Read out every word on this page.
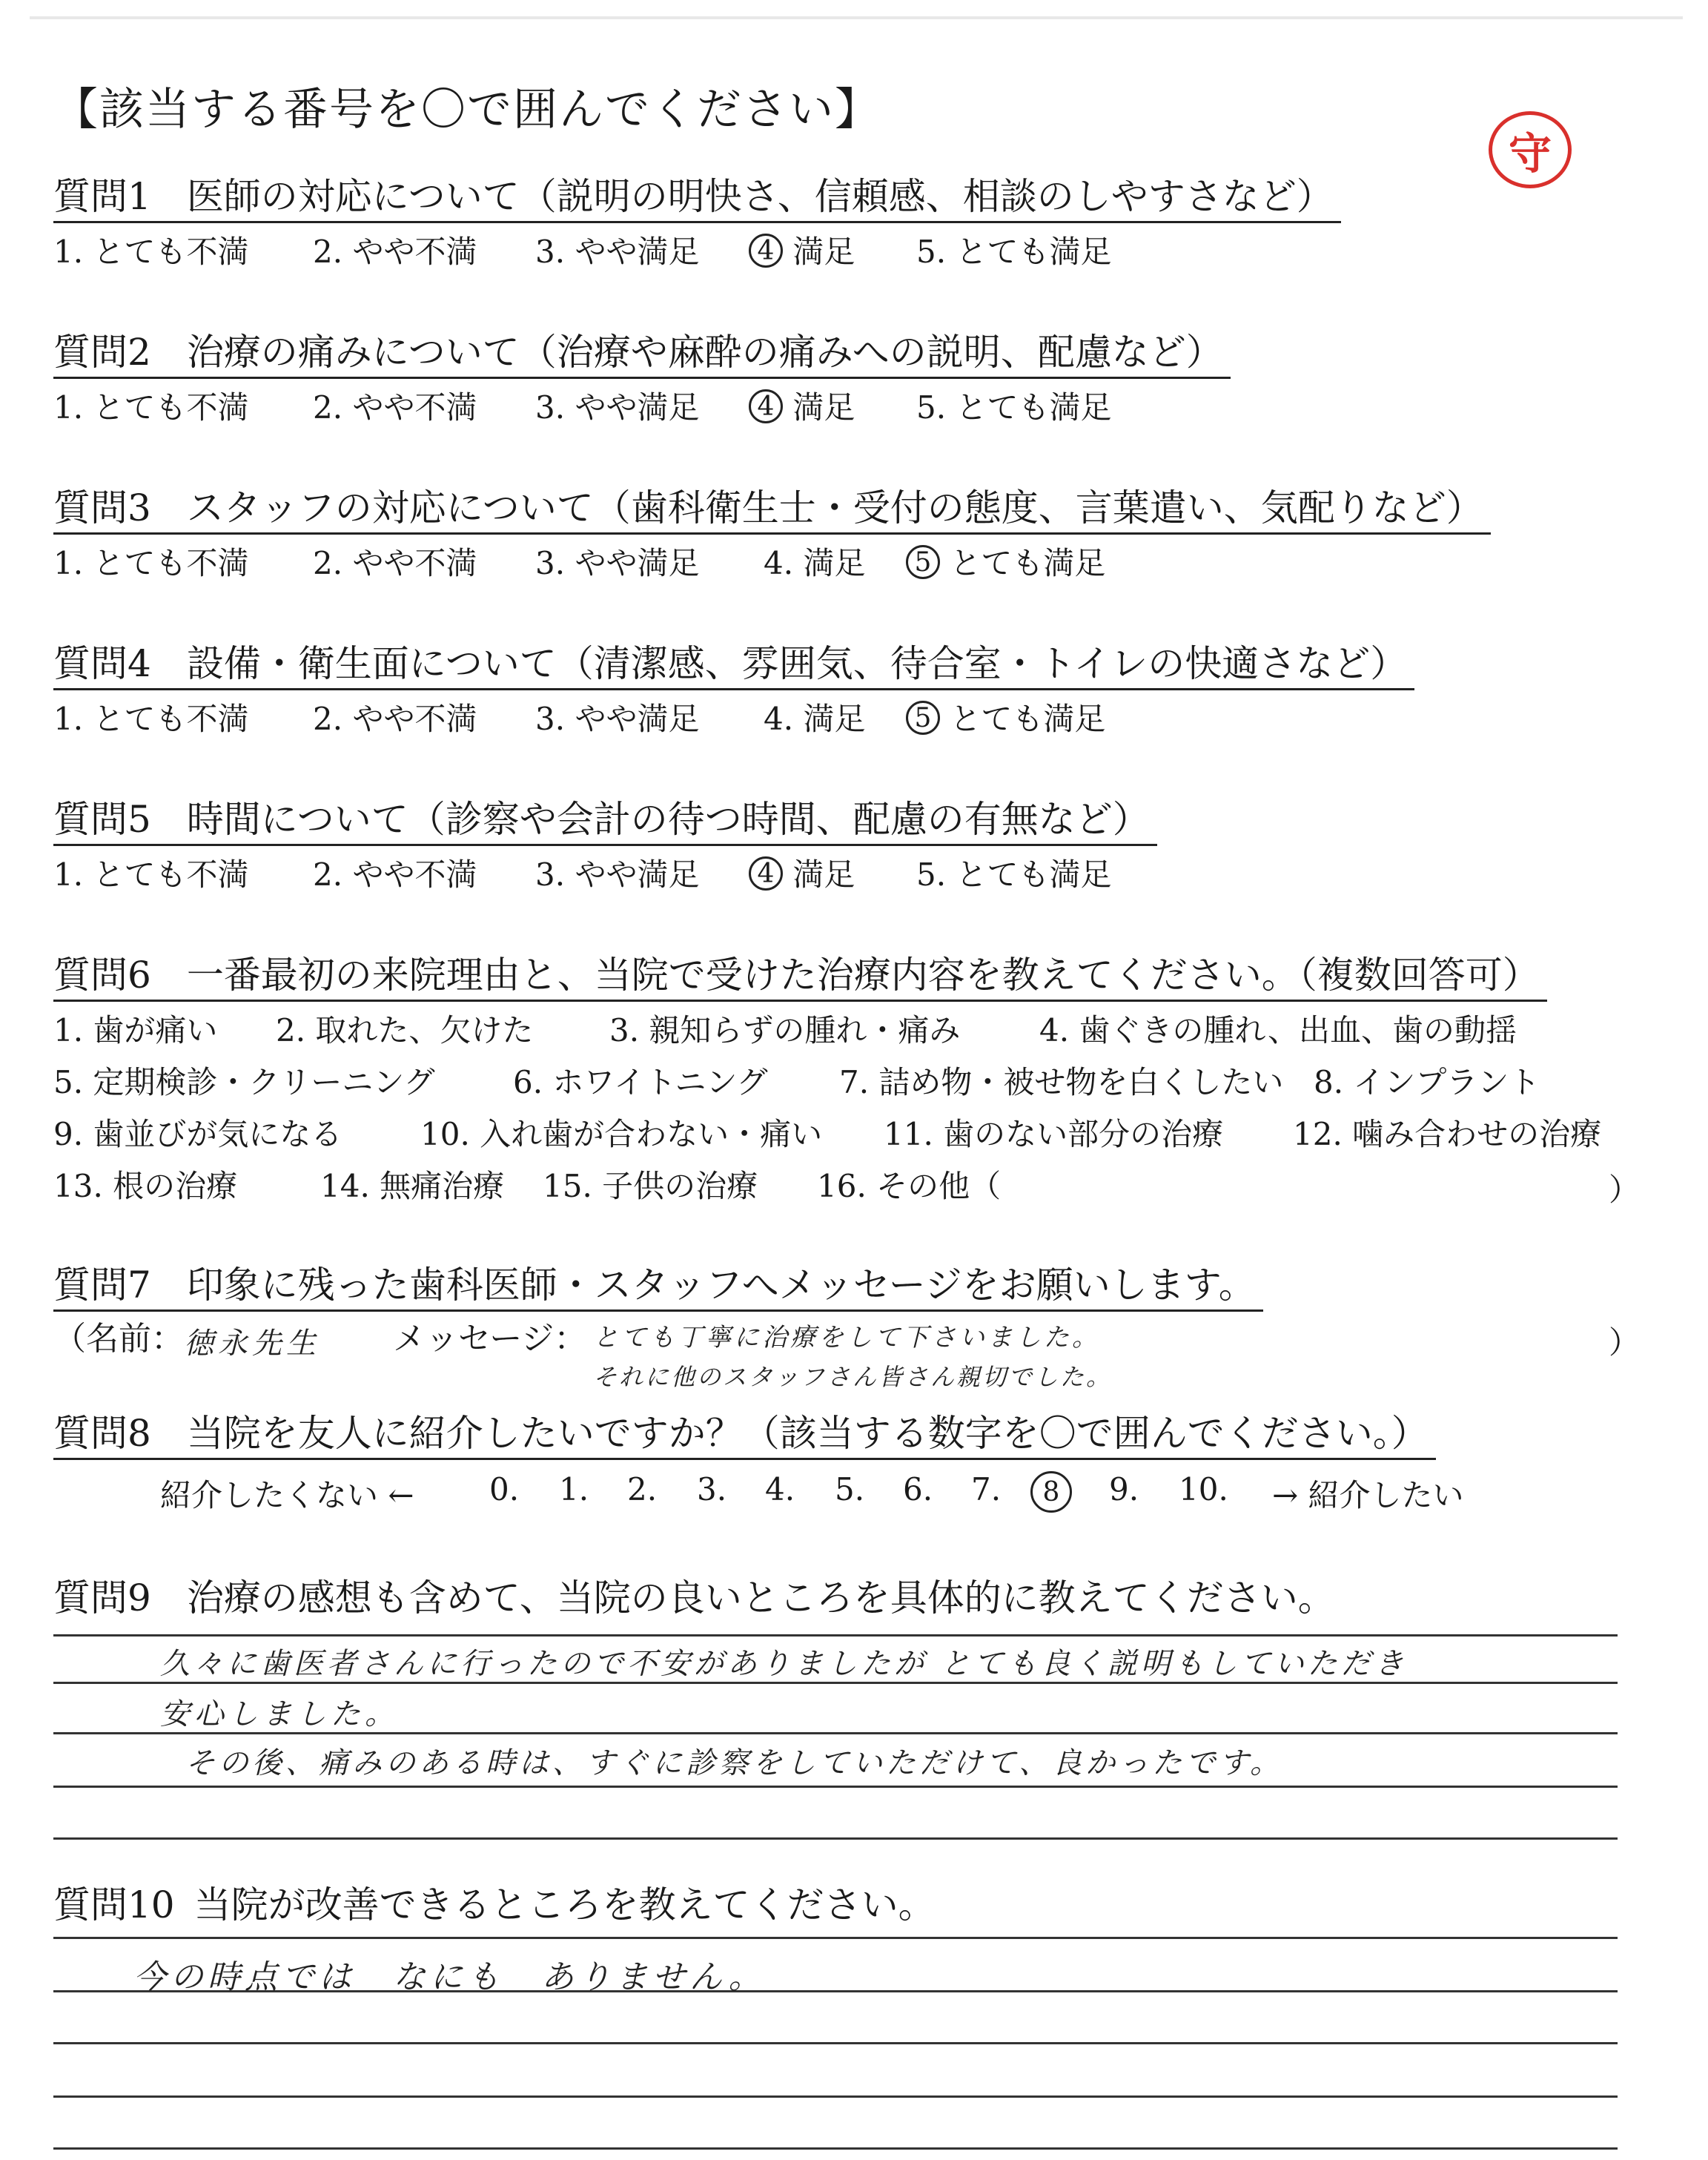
【該当する番号を〇で囲んでください】
守
質問1 医師の対応について（説明の明快さ、信頼感、相談のしやすさなど）
1. とても不満 2. やや不満 3. やや満足	4 満足 5. とても満足
質問2 治療の痛みについて（治療や麻酔の痛みへの説明、配慮など）
1. とても不満 2. やや不満 3. やや満足	4 満足 5. とても満足
質問3 スタッフの対応について（歯科衛生士・受付の態度、言葉遣い、気配りなど）
1. とても不満 2. やや不満 3. やや満足 4. 満足	5 とても満足
質問4 設備・衛生面について（清潔感、雰囲気、待合室・トイレの快適さなど）
1. とても不満 2. やや不満 3. やや満足 4. 満足	5 とても満足
質問5 時間について（診察や会計の待つ時間、配慮の有無など）
1. とても不満 2. やや不満 3. やや満足	4 満足 5. とても満足
質問6 一番最初の来院理由と、当院で受けた治療内容を教えてください。（複数回答可）
1. 歯が痛い 2. 取れた、欠けた 3. 親知らずの腫れ・痛み	4. 歯ぐきの腫れ、出血、歯の動揺
5. 定期検診・クリーニング	6. ホワイトニング 7. 詰め物・被せ物を白くしたい 8. インプラント
9. 歯並びが気になる	10. 入れ歯が合わない・痛い 11. 歯のない部分の治療 12. 噛み合わせの治療
13. 根の治療	14. 無痛治療 15. 子供の治療 16. その他（	）
質問7 印象に残った歯科医師・スタッフへメッセージをお願いします。
（名前： 徳永先生 メッセージ： とても丁寧に治療をして下さいました。
それに他のスタッフさん皆さん親切でした。
）
質問8 当院を友人に紹介したいですか？（該当する数字を〇で囲んでください。）
紹介したくない ← 0. 1. 2. 3. 4. 5. 6. 7.	8	9. 10. → 紹介したい
質問9 治療の感想も含めて、当院の良いところを具体的に教えてください。
久々に歯医者さんに行ったので不安がありましたが とても良く説明もしていただき
安心しました。
その後、痛みのある時は、すぐに診察をしていただけて、良かったです。
質問10 当院が改善できるところを教えてください。
今の時点では　なにも　ありません。
